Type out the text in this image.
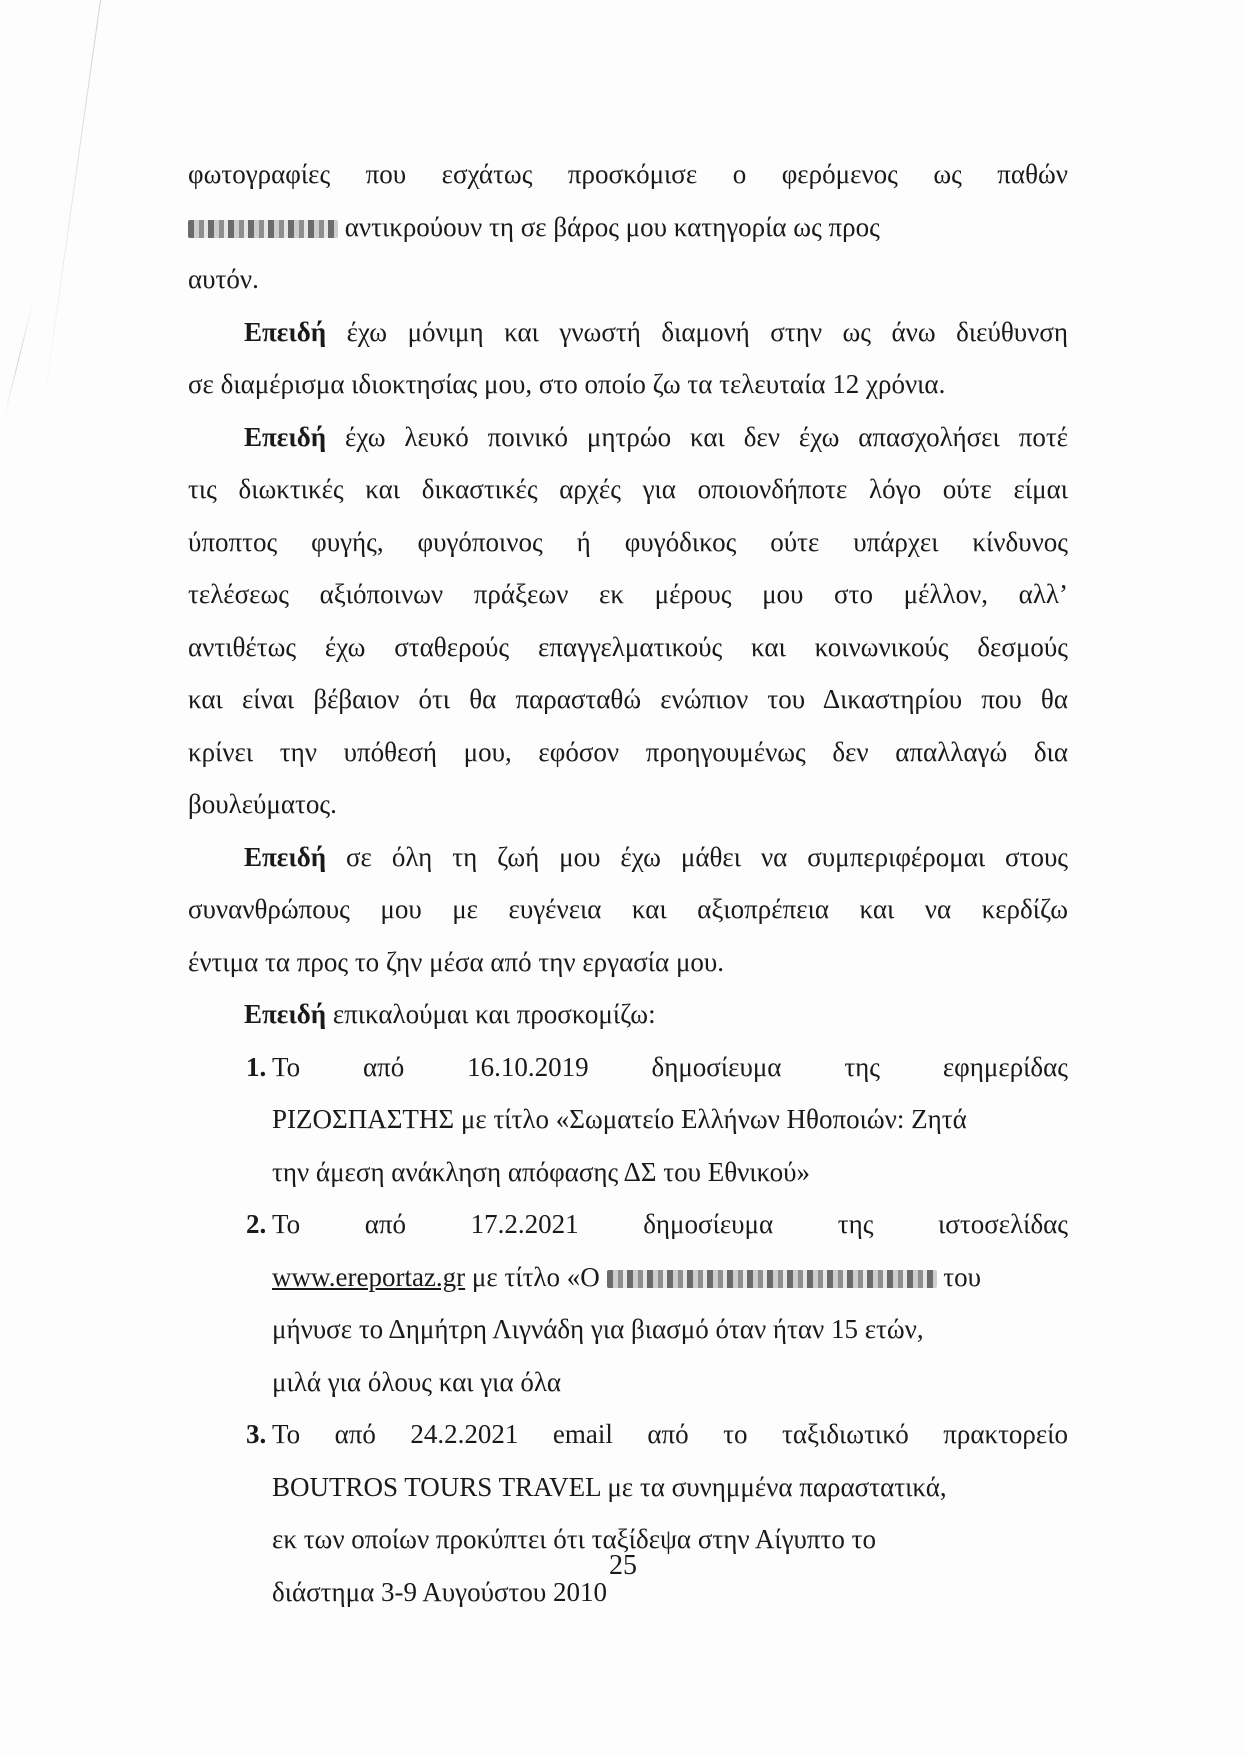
φωτογραφίες που εσχάτως προσκόμισε ο φερόμενος ως παθών
αντικρούουν τη σε βάρος μου κατηγορία ως προς
αυτόν.
Επειδή έχω μόνιμη και γνωστή διαμονή στην ως άνω διεύθυνση
σε διαμέρισμα ιδιοκτησίας μου, στο οποίο ζω τα τελευταία 12 χρόνια.
Επειδή έχω λευκό ποινικό μητρώο και δεν έχω απασχολήσει ποτέ
τις διωκτικές και δικαστικές αρχές για οποιονδήποτε λόγο ούτε είμαι
ύποπτος φυγής, φυγόποινος ή φυγόδικος ούτε υπάρχει κίνδυνος
τελέσεως αξιόποινων πράξεων εκ μέρους μου στο μέλλον, αλλ’
αντιθέτως έχω σταθερούς επαγγελματικούς και κοινωνικούς δεσμούς
και είναι βέβαιον ότι θα παρασταθώ ενώπιον του Δικαστηρίου που θα
κρίνει την υπόθεσή μου, εφόσον προηγουμένως δεν απαλλαγώ δια
βουλεύματος.
Επειδή σε όλη τη ζωή μου έχω μάθει να συμπεριφέρομαι στους
συνανθρώπους μου με ευγένεια και αξιοπρέπεια και να κερδίζω
έντιμα τα προς το ζην μέσα από την εργασία μου.
Επειδή επικαλούμαι και προσκομίζω:
1. Το από 16.10.2019 δημοσίευμα της εφημερίδας
ΡΙΖΟΣΠΑΣΤΗΣ με τίτλο «Σωματείο Ελλήνων Ηθοποιών: Ζητά
την άμεση ανάκληση απόφασης ΔΣ του Εθνικού»
2. Το από 17.2.2021 δημοσίευμα της ιστοσελίδας
www.ereportaz.gr με τίτλο «Ο	του
μήνυσε το Δημήτρη Λιγνάδη για βιασμό όταν ήταν 15 ετών,
μιλά για όλους και για όλα
3. Το από 24.2.2021 email από το ταξιδιωτικό πρακτορείο
BOUTROS TOURS TRAVEL με τα συνημμένα παραστατικά,
εκ των οποίων προκύπτει ότι ταξίδεψα στην Αίγυπτο το
διάστημα 3-9 Αυγούστου 2010
25
